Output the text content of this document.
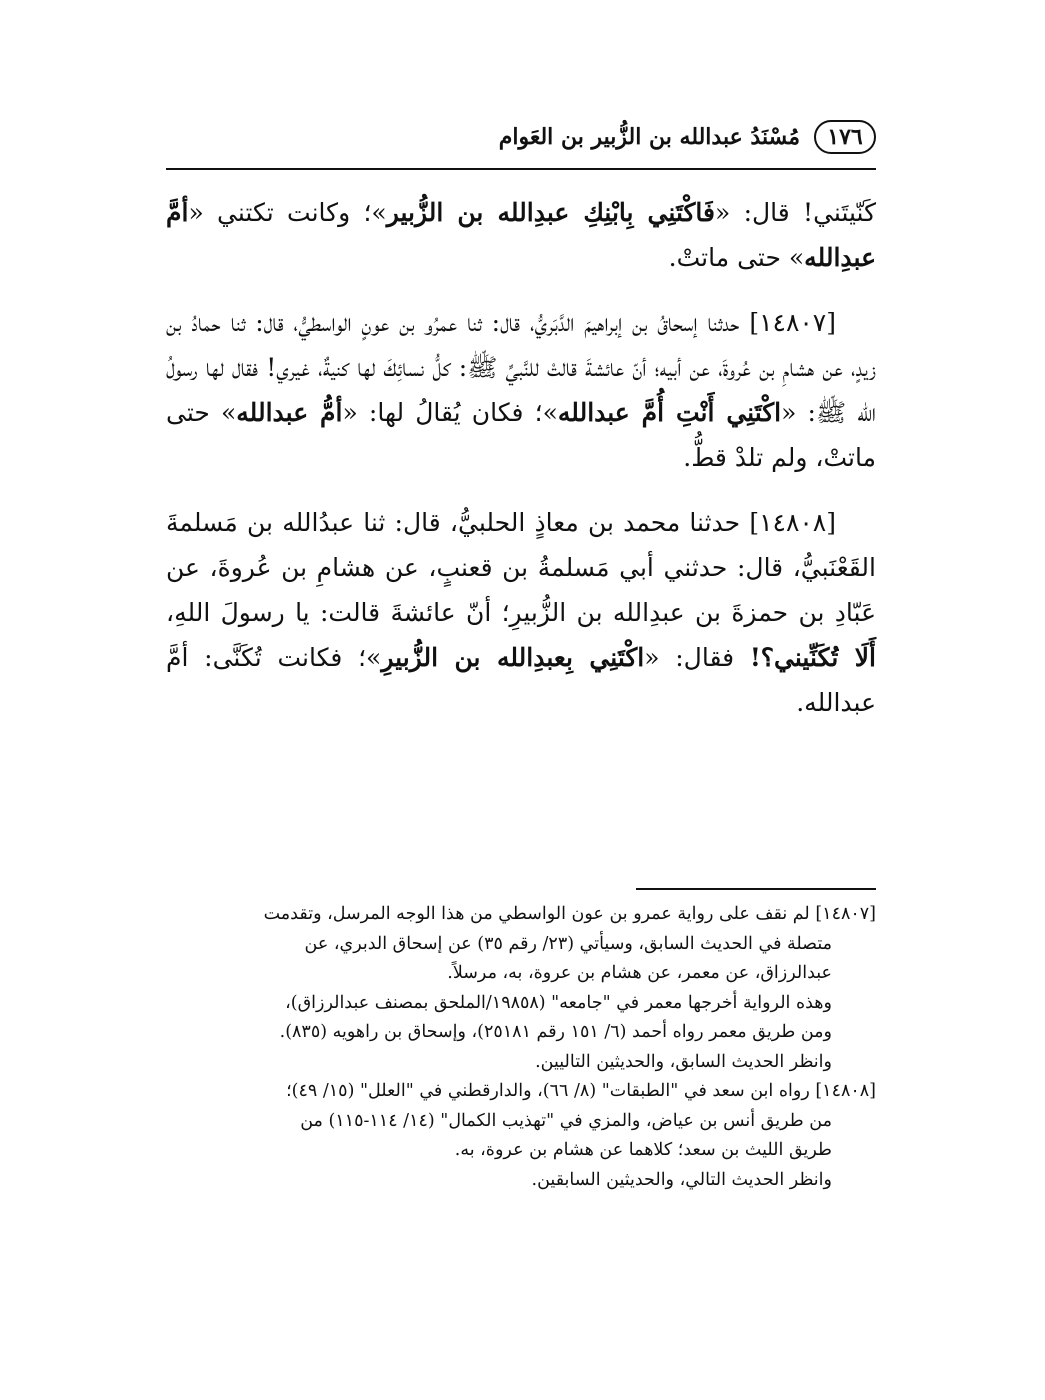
١٧٦
مُسْنَدُ عبدالله بن الزُّبير بن العَوام

كَنّيتَني! قال: «فَاكْتَنِي بِابْنِكِ عبدِالله بن الزُّبير»؛ وكانت تكتني «أمَّ عبدِالله» حتى ماتتْ.

[١٤٨٠٧] حدثنا إسحاقُ بن إبراهيمَ الدَّبَريُّ، قال: ثنا عمرُو بن عونٍ الواسطيُّ، قال: ثنا حمادُ بن زيدٍ، عن هشامِ بن عُروةَ، عن أبيه؛ أنّ عائشةَ قالتْ للنَّبيِّ ﷺ: كلُّ نسائِكَ لها كنيةٌ، غيري! فقال لها رسولُ الله ﷺ: «اكْتَنِي أَنْتِ أُمَّ عبدالله»؛ فكان يُقالُ لها: «أمُّ عبدالله» حتى ماتتْ، ولم تلدْ قطُّ.

[١٤٨٠٨] حدثنا محمد بن معاذٍ الحلبيُّ، قال: ثنا عبدُالله بن مَسلمةَ القَعْنَبيُّ، قال: حدثني أبي مَسلمةُ بن قعنبٍ، عن هشامِ بن عُروةَ، عن عَبّادِ بن حمزةَ بن عبدِالله بن الزُّبيرِ؛ أنّ عائشةَ قالت: يا رسولَ اللهِ، أَلَا تُكَنِّيني؟! فقال: «اكْتَنِي بِعبدِالله بن الزُّبيرِ»؛ فكانت تُكَنَّى: أمَّ عبدالله.

[١٤٨٠٧] لم نقف على رواية عمرو بن عون الواسطي من هذا الوجه المرسل، وتقدمت
متصلة في الحديث السابق، وسيأتي (٢٣/ رقم ٣٥) عن إسحاق الدبري، عن
عبدالرزاق، عن معمر، عن هشام بن عروة، به، مرسلاً.
وهذه الرواية أخرجها معمر في "جامعه" (١٩٨٥٨/الملحق بمصنف عبدالرزاق)،
ومن طريق معمر رواه أحمد (٦/ ١٥١ رقم ٢٥١٨١)، وإسحاق بن راهويه (٨٣٥).
وانظر الحديث السابق، والحديثين التاليين.
[١٤٨٠٨] رواه ابن سعد في "الطبقات" (٨/ ٦٦)، والدارقطني في "العلل" (١٥/ ٤٩)؛
من طريق أنس بن عياض، والمزي في "تهذيب الكمال" (١٤/ ١١٤-١١٥) من
طريق الليث بن سعد؛ كلاهما عن هشام بن عروة، به.
وانظر الحديث التالي، والحديثين السابقين.
